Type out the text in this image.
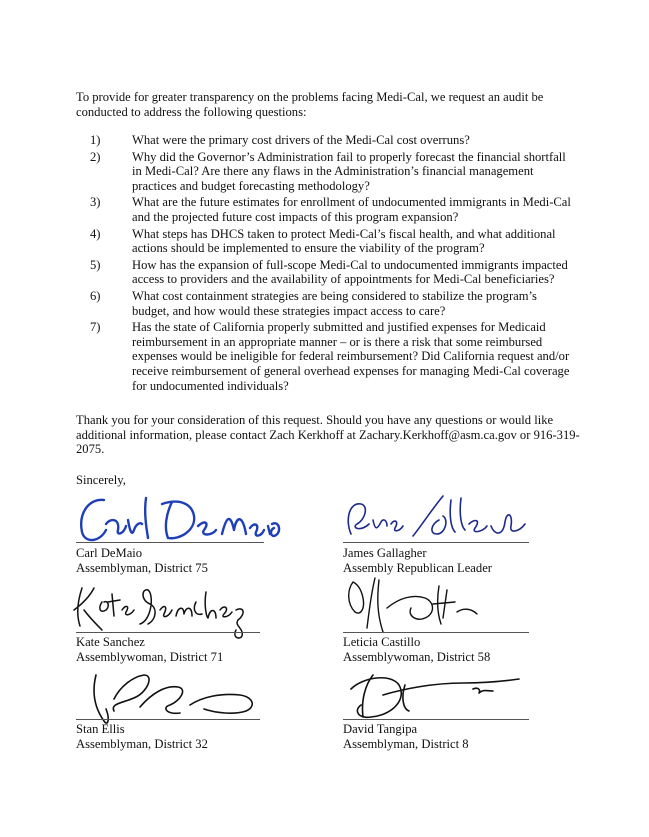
To provide for greater transparency on the problems facing Medi-Cal, we request an audit be conducted to address the following questions:

1)	What were the primary cost drivers of the Medi-Cal cost overruns?
2)	Why did the Governor’s Administration fail to properly forecast the financial shortfall in Medi-Cal? Are there any flaws in the Administration’s financial management practices and budget forecasting methodology?
3)	What are the future estimates for enrollment of undocumented immigrants in Medi-Cal and the projected future cost impacts of this program expansion?
4)	What steps has DHCS taken to protect Medi-Cal’s fiscal health, and what additional actions should be implemented to ensure the viability of the program?
5)	How has the expansion of full-scope Medi-Cal to undocumented immigrants impacted access to providers and the availability of appointments for Medi-Cal beneficiaries?
6)	What cost containment strategies are being considered to stabilize the program’s budget, and how would these strategies impact access to care?
7)	Has the state of California properly submitted and justified expenses for Medicaid reimbursement in an appropriate manner – or is there a risk that some reimbursed expenses would be ineligible for federal reimbursement? Did California request and/or receive reimbursement of general overhead expenses for managing Medi-Cal coverage for undocumented individuals?

Thank you for your consideration of this request. Should you have any questions or would like additional information, please contact Zach Kerkhoff at Zachary.Kerkhoff@asm.ca.gov or 916-319-2075.

Sincerely,

Carl DeMaio
Assemblyman, District 75
James Gallagher
Assembly Republican Leader
Kate Sanchez
Assemblywoman, District 71
Leticia Castillo
Assemblywoman, District 58
Stan Ellis
Assemblyman, District 32
David Tangipa
Assemblyman, District 8
